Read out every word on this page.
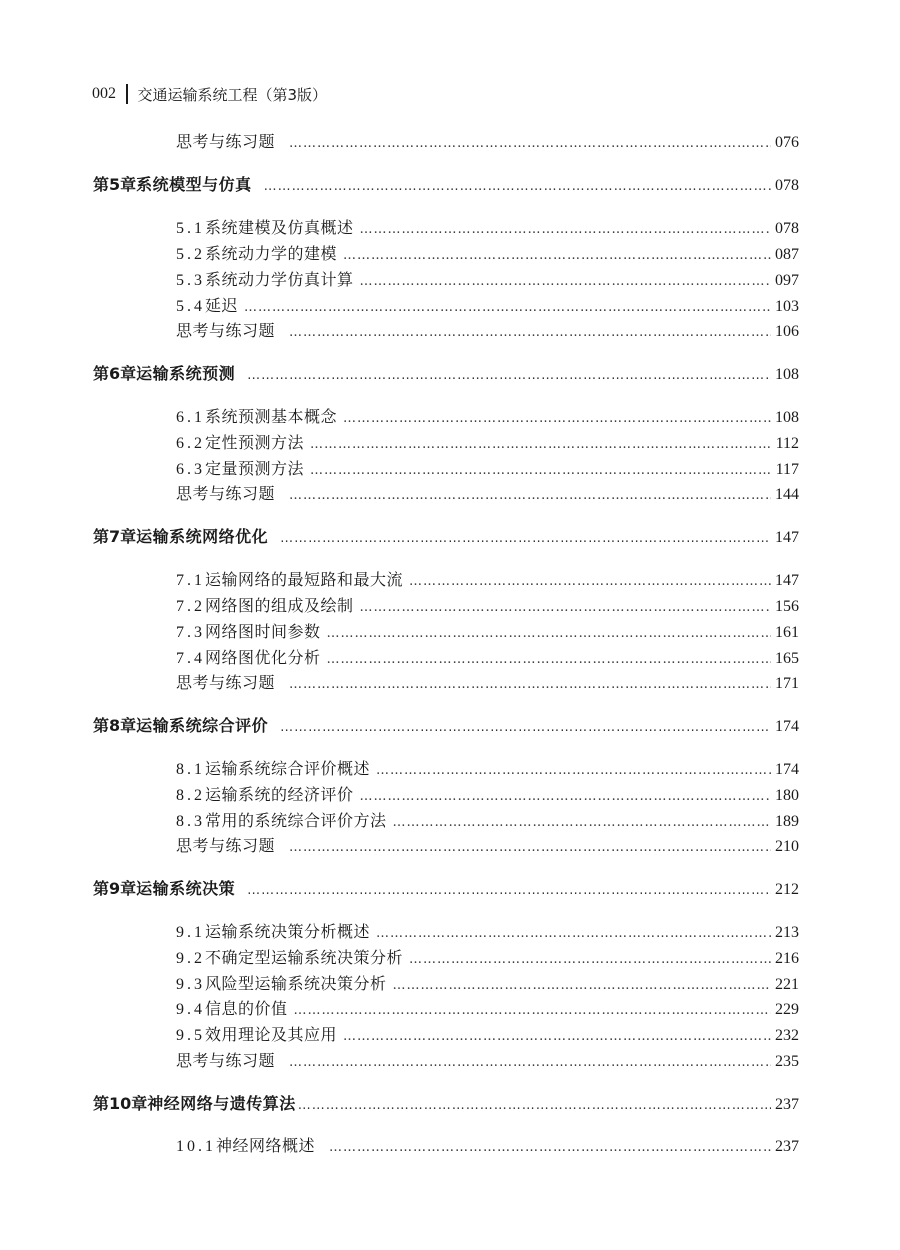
002 交通运输系统工程（第3版）
思考与练习题 ……………………………………………………………………………………………………………………………………………………………………………………………………………………………………	076
第5章 系统模型与仿真 ……………………………………………………………………………………………………………………………………………………………………………………………………………………………………	078
5.1 系统建模及仿真概述 ……………………………………………………………………………………………………………………………………………………………………………………………………………………………………	078
5.2 系统动力学的建模 ……………………………………………………………………………………………………………………………………………………………………………………………………………………………………	087
5.3 系统动力学仿真计算 ……………………………………………………………………………………………………………………………………………………………………………………………………………………………………	097
5.4 延迟 ……………………………………………………………………………………………………………………………………………………………………………………………………………………………………	103
思考与练习题 ……………………………………………………………………………………………………………………………………………………………………………………………………………………………………	106
第6章 运输系统预测 ……………………………………………………………………………………………………………………………………………………………………………………………………………………………………	108
6.1 系统预测基本概念 ……………………………………………………………………………………………………………………………………………………………………………………………………………………………………	108
6.2 定性预测方法 ……………………………………………………………………………………………………………………………………………………………………………………………………………………………………	112
6.3 定量预测方法 ……………………………………………………………………………………………………………………………………………………………………………………………………………………………………	117
思考与练习题 ……………………………………………………………………………………………………………………………………………………………………………………………………………………………………	144
第7章 运输系统网络优化 ……………………………………………………………………………………………………………………………………………………………………………………………………………………………………	147
7.1 运输网络的最短路和最大流 ……………………………………………………………………………………………………………………………………………………………………………………………………………………………………	147
7.2 网络图的组成及绘制 ……………………………………………………………………………………………………………………………………………………………………………………………………………………………………	156
7.3 网络图时间参数 ……………………………………………………………………………………………………………………………………………………………………………………………………………………………………	161
7.4 网络图优化分析 ……………………………………………………………………………………………………………………………………………………………………………………………………………………………………	165
思考与练习题 ……………………………………………………………………………………………………………………………………………………………………………………………………………………………………	171
第8章 运输系统综合评价 ……………………………………………………………………………………………………………………………………………………………………………………………………………………………………	174
8.1 运输系统综合评价概述 ……………………………………………………………………………………………………………………………………………………………………………………………………………………………………	174
8.2 运输系统的经济评价 ……………………………………………………………………………………………………………………………………………………………………………………………………………………………………	180
8.3 常用的系统综合评价方法 ……………………………………………………………………………………………………………………………………………………………………………………………………………………………………	189
思考与练习题 ……………………………………………………………………………………………………………………………………………………………………………………………………………………………………	210
第9章 运输系统决策 ……………………………………………………………………………………………………………………………………………………………………………………………………………………………………	212
9.1 运输系统决策分析概述 ……………………………………………………………………………………………………………………………………………………………………………………………………………………………………	213
9.2 不确定型运输系统决策分析 ……………………………………………………………………………………………………………………………………………………………………………………………………………………………………	216
9.3 风险型运输系统决策分析 ……………………………………………………………………………………………………………………………………………………………………………………………………………………………………	221
9.4 信息的价值 ……………………………………………………………………………………………………………………………………………………………………………………………………………………………………	229
9.5 效用理论及其应用 ……………………………………………………………………………………………………………………………………………………………………………………………………………………………………	232
思考与练习题 ……………………………………………………………………………………………………………………………………………………………………………………………………………………………………	235
第10章 神经网络与遗传算法 ……………………………………………………………………………………………………………………………………………………………………………………………………………………………………	237
10.1 神经网络概述 ……………………………………………………………………………………………………………………………………………………………………………………………………………………………………	237
